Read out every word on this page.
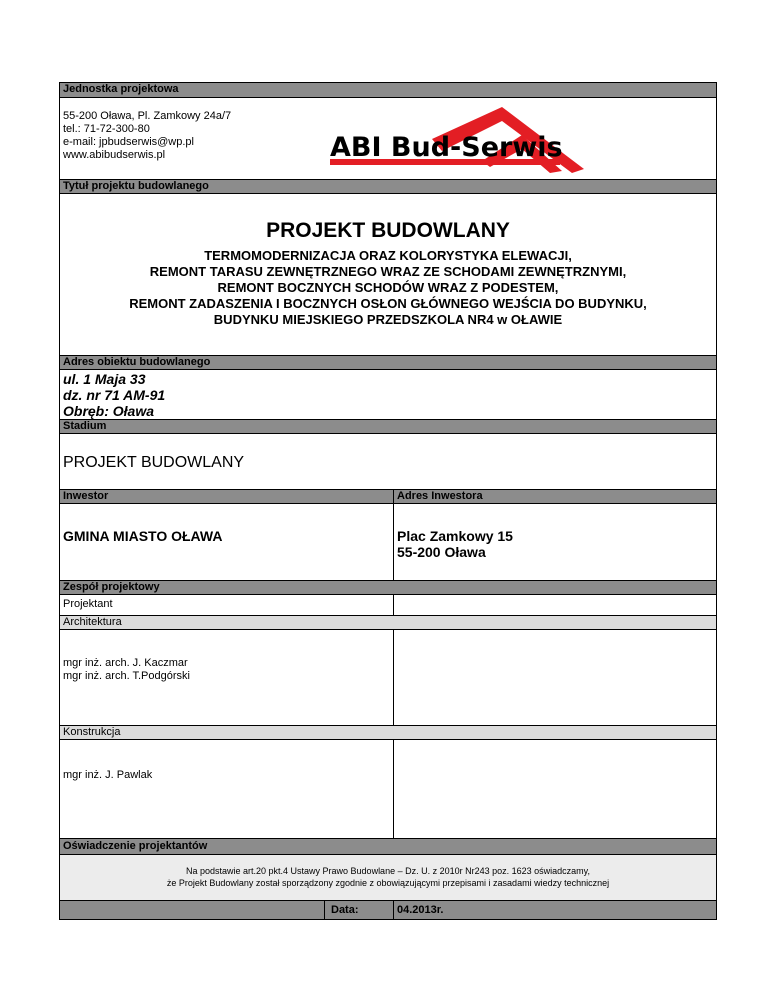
Jednostka projektowa
55-200 Oława, Pl. Zamkowy 24a/7
tel.: 71-72-300-80
e-mail: jpbudserwis@wp.pl
www.abibudserwis.pl	ABI Bud-Serwis
Tytuł projektu budowlanego
PROJEKT BUDOWLANY
TERMOMODERNIZACJA ORAZ KOLORYSTYKA ELEWACJI,
REMONT TARASU ZEWNĘTRZNEGO WRAZ ZE SCHODAMI ZEWNĘTRZNYMI,
REMONT BOCZNYCH SCHODÓW WRAZ Z PODESTEM,
REMONT ZADASZENIA I BOCZNYCH OSŁON GŁÓWNEGO WEJŚCIA DO BUDYNKU,
BUDYNKU MIEJSKIEGO PRZEDSZKOLA NR4 w OŁAWIE
Adres obiektu budowlanego
ul. 1 Maja 33
dz. nr 71 AM-91
Obręb: Oława
Stadium
PROJEKT BUDOWLANY
Inwestor	Adres Inwestora
GMINA MIASTO OŁAWA	Plac Zamkowy 15
55-200 Oława
Zespół projektowy
Projektant
Architektura
mgr inż. arch. J. Kaczmar
mgr inż. arch. T.Podgórski
Konstrukcja
mgr inż. J. Pawlak
Oświadczenie projektantów
Na podstawie art.20 pkt.4 Ustawy Prawo Budowlane – Dz. U. z 2010r Nr243 poz. 1623 oświadczamy,
że Projekt Budowlany został sporządzony zgodnie z obowiązującymi przepisami i zasadami wiedzy technicznej
Data:	04.2013r.
